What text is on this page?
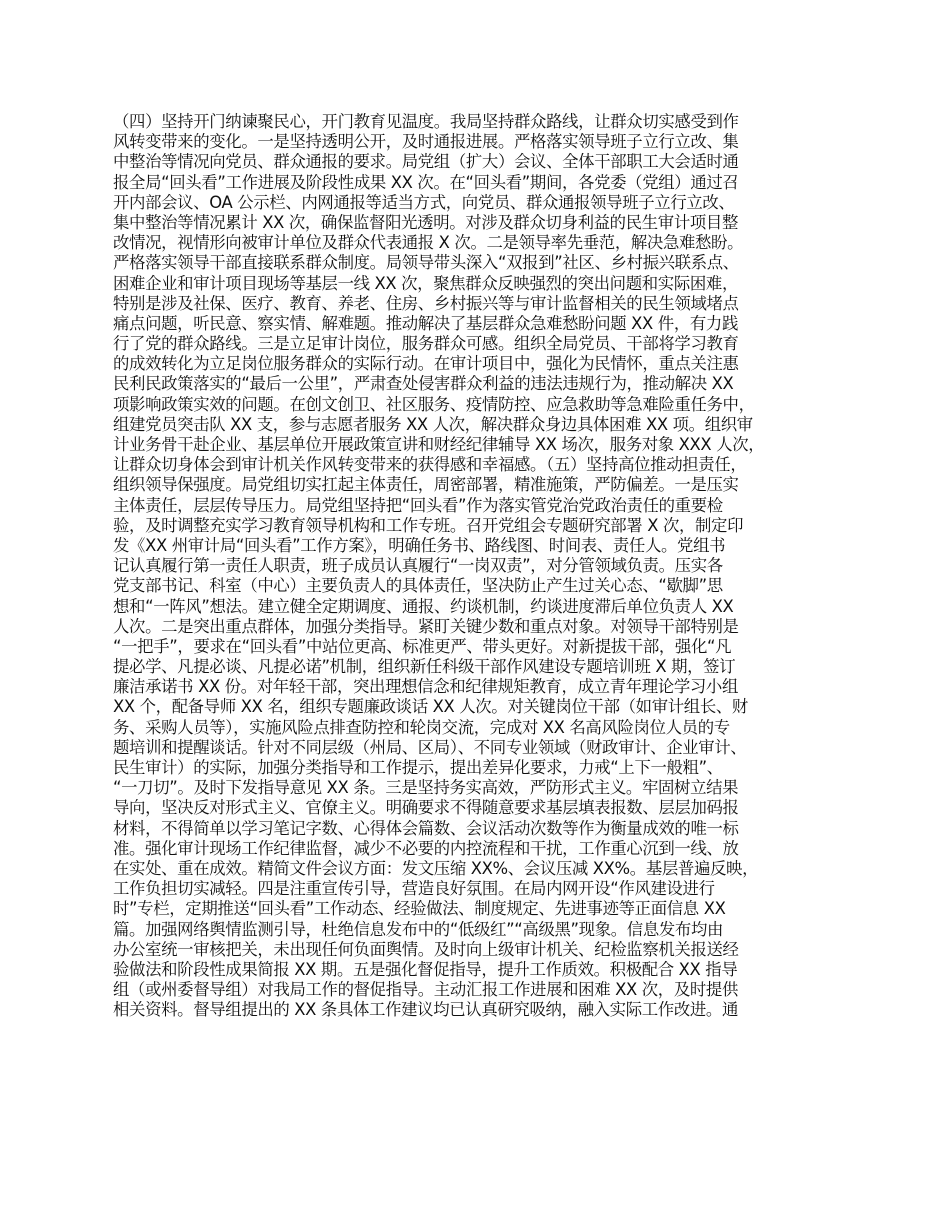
（四）坚持开门纳谏聚民心，开门教育见温度。我局坚持群众路线，让群众切实感受到作
风转变带来的变化。一是坚持透明公开，及时通报进展。严格落实领导班子立行立改、集
中整治等情况向党员、群众通报的要求。局党组（扩大）会议、全体干部职工大会适时通
报全局“回头看”工作进展及阶段性成果 XX 次。在“回头看”期间，各党委（党组）通过召
开内部会议、OA 公示栏、内网通报等适当方式，向党员、群众通报领导班子立行立改、
集中整治等情况累计 XX 次，确保监督阳光透明。对涉及群众切身利益的民生审计项目整
改情况，视情形向被审计单位及群众代表通报 X 次。二是领导率先垂范，解决急难愁盼。
严格落实领导干部直接联系群众制度。局领导带头深入“双报到”社区、乡村振兴联系点、
困难企业和审计项目现场等基层一线 XX 次，聚焦群众反映强烈的突出问题和实际困难，
特别是涉及社保、医疗、教育、养老、住房、乡村振兴等与审计监督相关的民生领域堵点
痛点问题，听民意、察实情、解难题。推动解决了基层群众急难愁盼问题 XX 件，有力践
行了党的群众路线。三是立足审计岗位，服务群众可感。组织全局党员、干部将学习教育
的成效转化为立足岗位服务群众的实际行动。在审计项目中，强化为民情怀，重点关注惠
民利民政策落实的“最后一公里”，严肃查处侵害群众利益的违法违规行为，推动解决 XX
项影响政策实效的问题。在创文创卫、社区服务、疫情防控、应急救助等急难险重任务中，
组建党员突击队 XX 支，参与志愿者服务 XX 人次，解决群众身边具体困难 XX 项。组织审
计业务骨干赴企业、基层单位开展政策宣讲和财经纪律辅导 XX 场次，服务对象 XXX 人次，
让群众切身体会到审计机关作风转变带来的获得感和幸福感。（五）坚持高位推动担责任，
组织领导保强度。局党组切实扛起主体责任，周密部署，精准施策，严防偏差。一是压实
主体责任，层层传导压力。局党组坚持把“回头看”作为落实管党治党政治责任的重要检
验，及时调整充实学习教育领导机构和工作专班。召开党组会专题研究部署 X 次，制定印
发《XX 州审计局“回头看”工作方案》，明确任务书、路线图、时间表、责任人。党组书
记认真履行第一责任人职责，班子成员认真履行“一岗双责”，对分管领域负责。压实各
党支部书记、科室（中心）主要负责人的具体责任，坚决防止产生过关心态、“歇脚”思
想和“一阵风”想法。建立健全定期调度、通报、约谈机制，约谈进度滞后单位负责人 XX
人次。二是突出重点群体，加强分类指导。紧盯关键少数和重点对象。对领导干部特别是
“一把手”，要求在“回头看”中站位更高、标准更严、带头更好。对新提拔干部，强化“凡
提必学、凡提必谈、凡提必诺”机制，组织新任科级干部作风建设专题培训班 X 期，签订
廉洁承诺书 XX 份。对年轻干部，突出理想信念和纪律规矩教育，成立青年理论学习小组
XX 个，配备导师 XX 名，组织专题廉政谈话 XX 人次。对关键岗位干部（如审计组长、财
务、采购人员等），实施风险点排查防控和轮岗交流，完成对 XX 名高风险岗位人员的专
题培训和提醒谈话。针对不同层级（州局、区局）、不同专业领域（财政审计、企业审计、
民生审计）的实际，加强分类指导和工作提示，提出差异化要求，力戒“上下一般粗”、
“一刀切”。及时下发指导意见 XX 条。三是坚持务实高效，严防形式主义。牢固树立结果
导向，坚决反对形式主义、官僚主义。明确要求不得随意要求基层填表报数、层层加码报
材料，不得简单以学习笔记字数、心得体会篇数、会议活动次数等作为衡量成效的唯一标
准。强化审计现场工作纪律监督，减少不必要的内控流程和干扰，工作重心沉到一线、放
在实处、重在成效。精简文件会议方面：发文压缩 XX%、会议压减 XX%。基层普遍反映，
工作负担切实减轻。四是注重宣传引导，营造良好氛围。在局内网开设“作风建设进行
时”专栏，定期推送“回头看”工作动态、经验做法、制度规定、先进事迹等正面信息 XX
篇。加强网络舆情监测引导，杜绝信息发布中的“低级红”“高级黑”现象。信息发布均由
办公室统一审核把关，未出现任何负面舆情。及时向上级审计机关、纪检监察机关报送经
验做法和阶段性成果简报 XX 期。五是强化督促指导，提升工作质效。积极配合 XX 指导
组（或州委督导组）对我局工作的督促指导。主动汇报工作进展和困难 XX 次，及时提供
相关资料。督导组提出的 XX 条具体工作建议均已认真研究吸纳，融入实际工作改进。通
